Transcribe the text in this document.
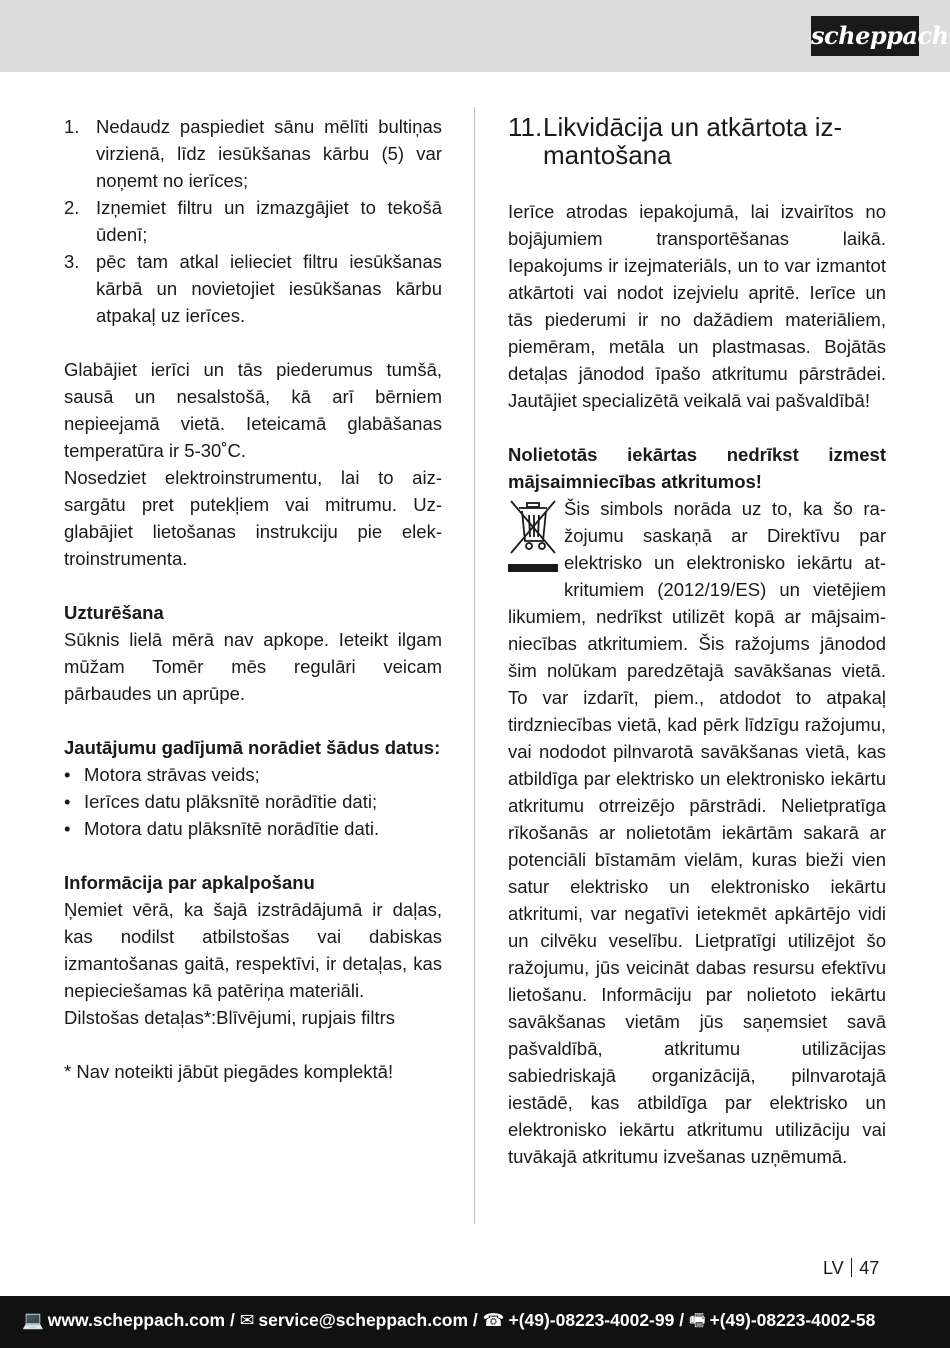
scheppach
1. Nedaudz paspiediet sānu mēlīti bultiņas virzienā, līdz iesūkšanas kārbu (5) var noņemt no ierīces;
2. Izņemiet filtru un izmazgājiet to tekošā ūdenī;
3. pēc tam atkal ielieciet filtru iesūkšanas kārbā un novietojiet iesūkšanas kārbu atpakaļ uz ierīces.

Glabājiet ierīci un tās piederumus tumšā, sausā un nesalstošā, kā arī bērniem nepieejamā vietā. Ieteicamā glabāšanas temperatūra ir 5-30˚C.

Nosedziet elektroinstrumentu, lai to aizsargātu pret putekļiem vai mitrumu. Uzglabājiet lietošanas instrukciju pie elektroinstrumenta.

Uzturēšana

Sūknis lielā mērā nav apkope. Ieteikt ilgam mūžam Tomēr mēs regulāri veicam pārbaudes un aprūpe.

Jautājumu gadījumā norādiet šādus datus:

• Motora strāvas veids;
• Ierīces datu plāksnītē norādītie dati;
• Motora datu plāksnītē norādītie dati.

Informācija par apkalpošanu

Ņemiet vērā, ka šajā izstrādājumā ir daļas, kas nodilst atbilstošas vai dabiskas izmantošanas gaitā, respektīvi, ir detaļas, kas nepieciešamas kā patēriņa materiāli.

Dilstošas detaļas*:Blīvējumi, rupjais filtrs

* Nav noteikti jābūt piegādes komplektā!

11. Likvidācija un atkārtota izmantošana

Ierīce atrodas iepakojumā, lai izvairītos no bojājumiem transportēšanas laikā. Iepakojums ir izejmateriāls, un to var izmantot atkārtoti vai nodot izejvielu apritē. Ierīce un tās piederumi ir no dažādiem materiāliem, piemēram, metāla un plastmasas. Bojātās detaļas jānodod īpašo atkritumu pārstrādei. Jautājiet specializētā veikalā vai pašvaldībā!

Nolietotās iekārtas nedrīkst izmest mājsaimniecības atkritumos!

Šis simbols norāda uz to, ka šo ražojumu saskaņā ar Direktīvu par elektrisko un elektronisko iekārtu atkritumiem (2012/19/ES) un vietējiem likumiem, nedrīkst utilizēt kopā ar mājsaimniecības atkritumiem. Šis ražojums jānodod šim nolūkam paredzētajā savākšanas vietā. To var izdarīt, piem., atdodot to atpakaļ tirdzniecības vietā, kad pērk līdzīgu ražojumu, vai nododot pilnvarotā savākšanas vietā, kas atbildīga par elektrisko un elektronisko iekārtu atkritumu otrreizējo pārstrādi. Nelietpratīga rīkošanās ar nolietotām iekārtām sakarā ar potenciāli bīstamām vielām, kuras bieži vien satur elektrisko un elektronisko iekārtu atkritumi, var negatīvi ietekmēt apkārtējo vidi un cilvēku veselību. Lietpratīgi utilizējot šo ražojumu, jūs veicināt dabas resursu efektīvu lietošanu. Informāciju par nolietoto iekārtu savākšanas vietām jūs saņemsiet savā pašvaldībā, atkritumu utilizācijas sabiedriskajā organizācijā, pilnvarotajā iestādē, kas atbildīga par elektrisko un elektronisko iekārtu atkritumu utilizāciju vai tuvākajā atkritumu izvešanas uzņēmumā.

LV 47
💻 www.scheppach.com / ✉ service@scheppach.com / ☎ +(49)-08223-4002-99 / 🖷 +(49)-08223-4002-58
